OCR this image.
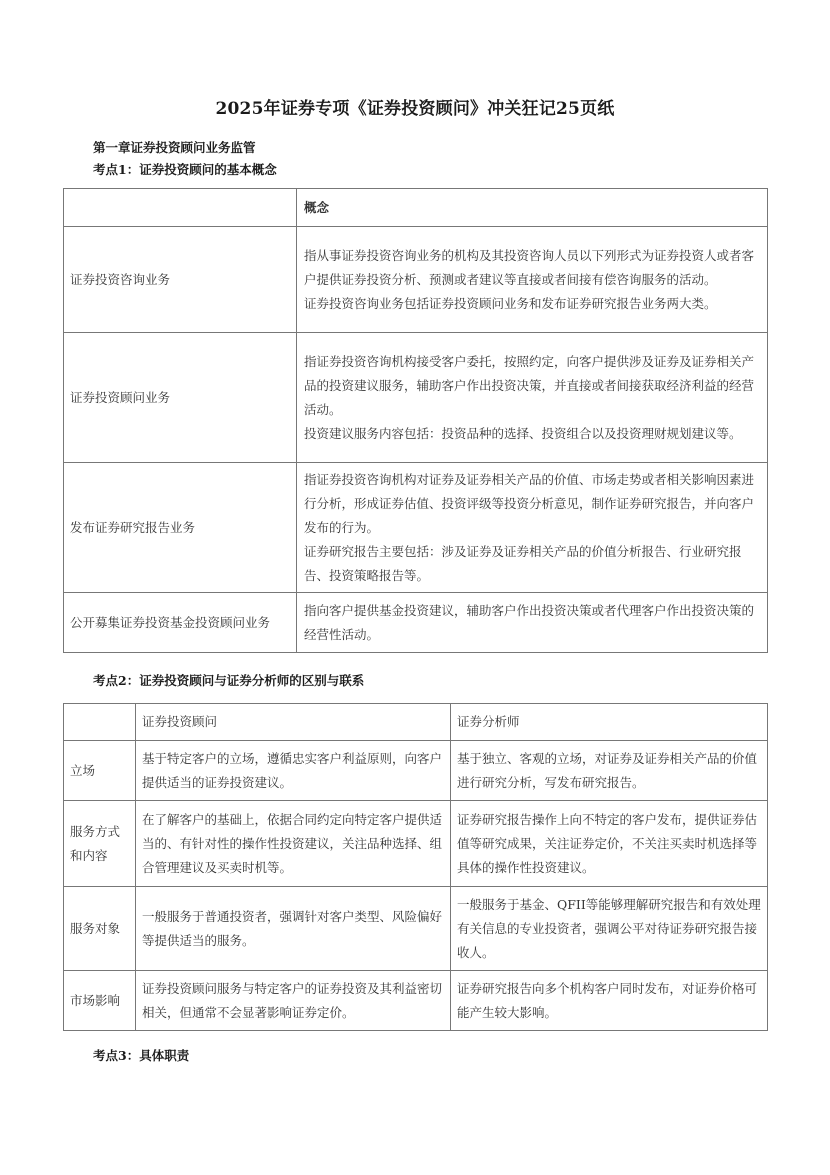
2025年证券专项《证券投资顾问》冲关狂记25页纸
第一章证券投资顾问业务监管
考点1：证券投资顾问的基本概念
	概念
证券投资咨询业务	指从事证券投资咨询业务的机构及其投资咨询人员以下列形式为证券投资人或者客户提供证券投资分析、预测或者建议等直接或者间接有偿咨询服务的活动。

证券投资咨询业务包括证券投资顾问业务和发布证券研究报告业务两大类。

证券投资顾问业务	指证券投资咨询机构接受客户委托，按照约定，向客户提供涉及证券及证券相关产品的投资建议服务，辅助客户作出投资决策，并直接或者间接获取经济利益的经营活动。

投资建议服务内容包括：投资品种的选择、投资组合以及投资理财规划建议等。

发布证券研究报告业务	指证券投资咨询机构对证券及证券相关产品的价值、市场走势或者相关影响因素进行分析，形成证券估值、投资评级等投资分析意见，制作证券研究报告，并向客户发布的行为。

证券研究报告主要包括：涉及证券及证券相关产品的价值分析报告、行业研究报告、投资策略报告等。

公开募集证券投资基金投资顾问业务	指向客户提供基金投资建议，辅助客户作出投资决策或者代理客户作出投资决策的经营性活动。

考点2：证券投资顾问与证券分析师的区别与联系
	证券投资顾问	证券分析师
立场	基于特定客户的立场，遵循忠实客户利益原则，向客户提供适当的证券投资建议。	基于独立、客观的立场，对证券及证券相关产品的价值进行研究分析，写发布研究报告。
服务方式和内容	在了解客户的基础上，依据合同约定向特定客户提供适当的、有针对性的操作性投资建议，关注品种选择、组合管理建议及买卖时机等。	证券研究报告操作上向不特定的客户发布，提供证券估值等研究成果，关注证券定价，不关注买卖时机选择等具体的操作性投资建议。
服务对象	一般服务于普通投资者，强调针对客户类型、风险偏好等提供适当的服务。	一般服务于基金、QFII等能够理解研究报告和有效处理有关信息的专业投资者，强调公平对待证券研究报告接收人。
市场影响	证券投资顾问服务与特定客户的证券投资及其利益密切相关，但通常不会显著影响证券定价。	证券研究报告向多个机构客户同时发布，对证券价格可能产生较大影响。
考点3：具体职责
